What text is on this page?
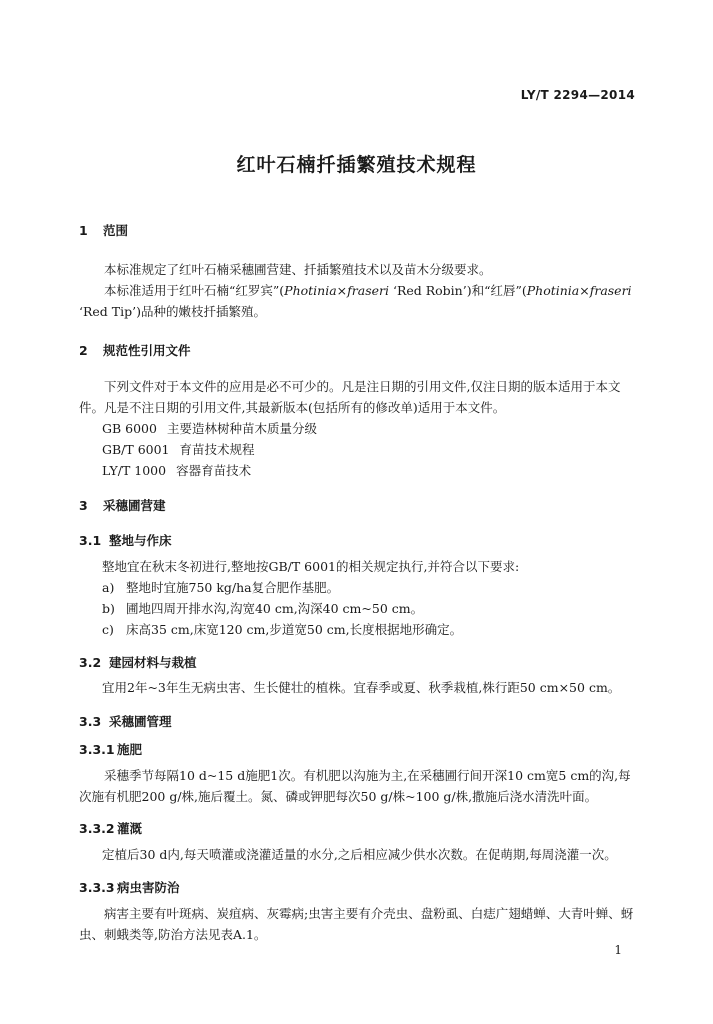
LY/T 2294—2014
红叶石楠扦插繁殖技术规程
1 范围
本标准规定了红叶石楠采穗圃营建、扦插繁殖技术以及苗木分级要求。
本标准适用于红叶石楠“红罗宾”(Photinia×fraseri ‘Red Robin’)和“红唇”(Photinia×fraseri ‘Red Tip’)品种的嫩枝扦插繁殖。
2 规范性引用文件
下列文件对于本文件的应用是必不可少的。凡是注日期的引用文件,仅注日期的版本适用于本文件。凡是不注日期的引用文件,其最新版本(包括所有的修改单)适用于本文件。
GB 6000 主要造林树种苗木质量分级
GB/T 6001 育苗技术规程
LY/T 1000 容器育苗技术
3 采穗圃营建
3.1 整地与作床
整地宜在秋末冬初进行,整地按GB/T 6001的相关规定执行,并符合以下要求:
a) 整地时宜施750 kg/ha复合肥作基肥。
b) 圃地四周开排水沟,沟宽40 cm,沟深40 cm~50 cm。
c) 床高35 cm,床宽120 cm,步道宽50 cm,长度根据地形确定。
3.2 建园材料与栽植
宜用2年~3年生无病虫害、生长健壮的植株。宜春季或夏、秋季栽植,株行距50 cm×50 cm。
3.3 采穗圃管理
3.3.1 施肥
采穗季节每隔10 d~15 d施肥1次。有机肥以沟施为主,在采穗圃行间开深10 cm宽5 cm的沟,每次施有机肥200 g/株,施后覆土。氮、磷或钾肥每次50 g/株~100 g/株,撒施后浇水清洗叶面。
3.3.2 灌溉
定植后30 d内,每天喷灌或浇灌适量的水分,之后相应减少供水次数。在促萌期,每周浇灌一次。
3.3.3 病虫害防治
病害主要有叶斑病、炭疽病、灰霉病;虫害主要有介壳虫、盘粉虱、白痣广翅蜡蝉、大青叶蝉、蚜虫、刺蛾类等,防治方法见表A.1。
1
